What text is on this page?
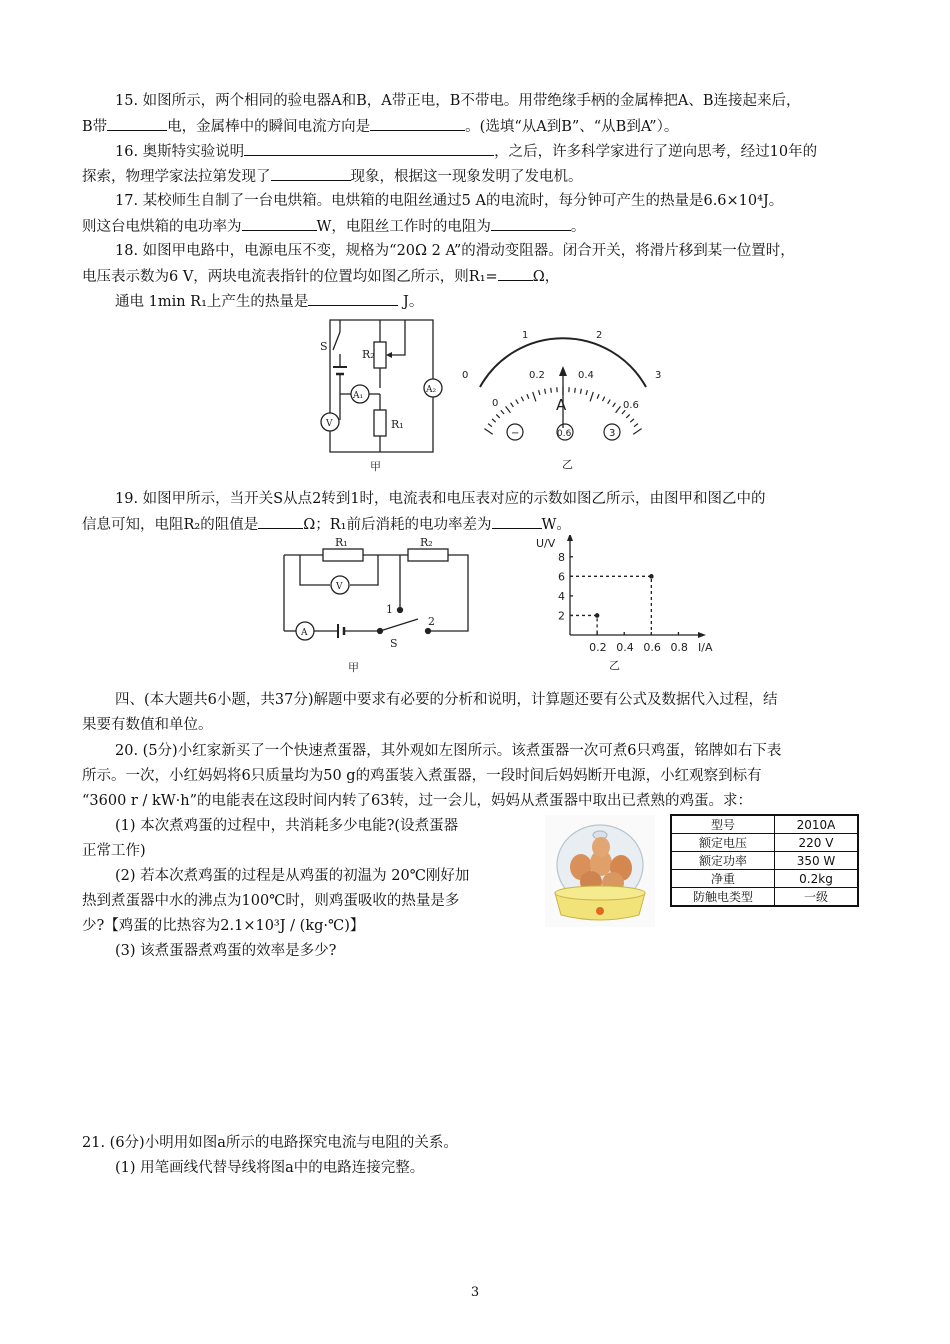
15. 如图所示，两个相同的验电器A和B，A带正电，B不带电。用带绝缘手柄的金属棒把A、B连接起来后，
B带	电，金属棒中的瞬间电流方向是	。(选填“从A到B”、“从B到A”）。
16. 奥斯特实验说明	，之后，许多科学家进行了逆向思考，经过10年的
探索，物理学家法拉第发现了	现象，根据这一现象发明了发电机。
17. 某校师生自制了一台电烘箱。电烘箱的电阻丝通过5 A的电流时，每分钟可产生的热量是6.6×10⁴J。
则这台电烘箱的电功率为	W，电阻丝工作时的电阻为	。
18. 如图甲电路中，电源电压不变，规格为“20Ω 2 A”的滑动变阻器。闭合开关，将滑片移到某一位置时，
电压表示数为6 V，两块电流表指针的位置均如图乙所示，则R₁= Ω，
通电 1min R₁上产生的热量是	J。
S
R₂
A₁
R₁
V
A₂
甲
0
1	2
3
0
0.2	0.4
0.6
A
−	0.6	3
乙
19. 如图甲所示，当开关S从点2转到1时，电流表和电压表对应的示数如图乙所示，由图甲和图乙中的
信息可知，电阻R₂的阻值是	Ω；R₁前后消耗的电功率差为	W。
R₁	R₂
V
1
A
2
S
甲
0.2 0.4 0.6 0.8
2
4
6
8
U/V
I/A
乙
四、(本大题共6小题，共37分)解题中要求有必要的分析和说明，计算题还要有公式及数据代入过程，结
果要有数值和单位。
20. (5分)小红家新买了一个快速煮蛋器，其外观如左图所示。该煮蛋器一次可煮6只鸡蛋，铭牌如右下表
所示。一次，小红妈妈将6只质量均为50 g的鸡蛋装入煮蛋器，一段时间后妈妈断开电源，小红观察到标有
“3600 r / kW·h”的电能表在这段时间内转了63转，过一会儿，妈妈从煮蛋器中取出已煮熟的鸡蛋。求：
(1) 本次煮鸡蛋的过程中，共消耗多少电能?(设煮蛋器
正常工作)
(2) 若本次煮鸡蛋的过程是从鸡蛋的初温为 20℃刚好加
热到煮蛋器中水的沸点为100℃时，则鸡蛋吸收的热量是多
少?【鸡蛋的比热容为2.1×10³J / (kg·℃)】
(3) 该煮蛋器煮鸡蛋的效率是多少?
型号	2010A
额定电压	220 V
额定功率	350 W
净重	0.2kg
防触电类型	一级
21. (6分)小明用如图a所示的电路探究电流与电阻的关系。
(1) 用笔画线代替导线将图a中的电路连接完整。
3
